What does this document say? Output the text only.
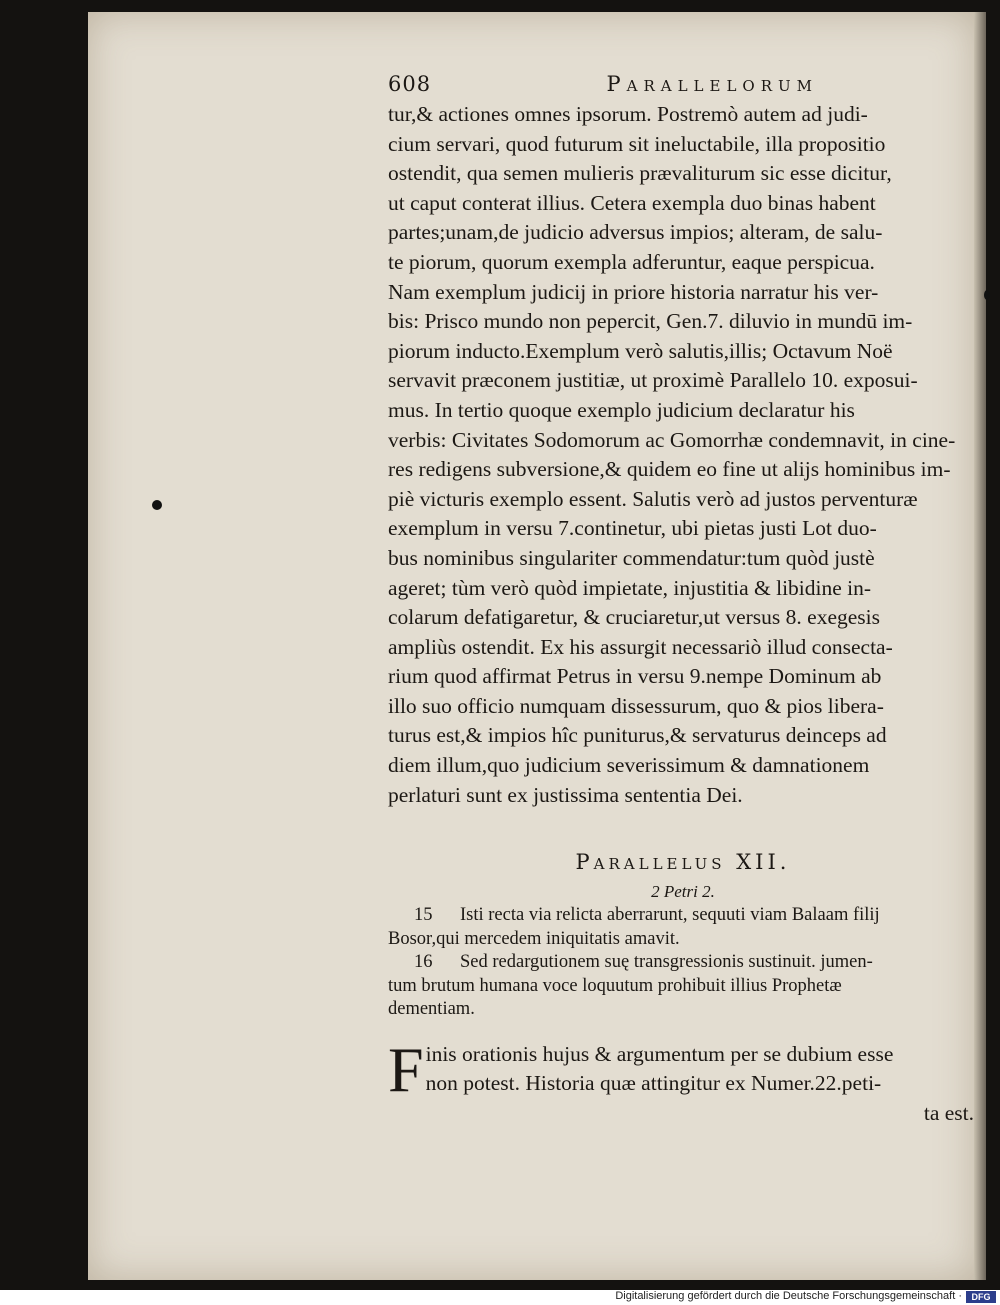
608	Parallelorum
tur,& actiones omnes ipsorum. Postremò autem ad judi-
cium servari, quod futurum sit ineluctabile, illa propositio
ostendit, qua semen mulieris prævaliturum sic esse dicitur,
ut caput conterat illius. Cetera exempla duo binas habent
partes;unam,de judicio adversus impios; alteram, de salu-
te piorum, quorum exempla adferuntur, eaque perspicua.
Nam exemplum judicij in priore historia narratur his ver-
bis: Prisco mundo non pepercit, Gen.7. diluvio in mundū im-
piorum inducto.Exemplum verò salutis,illis; Octavum Noë
servavit præconem justitiæ, ut proximè Parallelo 10. exposui-
mus. In tertio quoque exemplo judicium declaratur his
verbis: Civitates Sodomorum ac Gomorrhæ condemnavit, in cine-
res redigens subversione,& quidem eo fine ut alijs hominibus im-
piè victuris exemplo essent. Salutis verò ad justos perventuræ
exemplum in versu 7.continetur, ubi pietas justi Lot duo-
bus nominibus singulariter commendatur:tum quòd justè
ageret; tùm verò quòd impietate, injustitia & libidine in-
colarum defatigaretur, & cruciaretur,ut versus 8. exegesis
ampliùs ostendit. Ex his assurgit necessariò illud consecta-
rium quod affirmat Petrus in versu 9.nempe Dominum ab
illo suo officio numquam dissessurum, quo & pios libera-
turus est,& impios hîc puniturus,& servaturus deinceps ad
diem illum,quo judicium severissimum & damnationem
perlaturi sunt ex justissima sententia Dei.
Parallelus XII.
2 Petri 2.
15 Isti recta via relicta aberrarunt, sequuti viam Balaam filij
Bosor,qui mercedem iniquitatis amavit.
16 Sed redargutionem suę transgressionis sustinuit. jumen-
tum brutum humana voce loquutum prohibuit illius Prophetæ
dementiam.
F inis orationis hujus & argumentum per se dubium esse
non potest. Historia quæ attingitur ex Numer.22.peti-
ta est.
Digitalisierung gefördert durch die Deutsche Forschungsgemeinschaft ·	DFG
